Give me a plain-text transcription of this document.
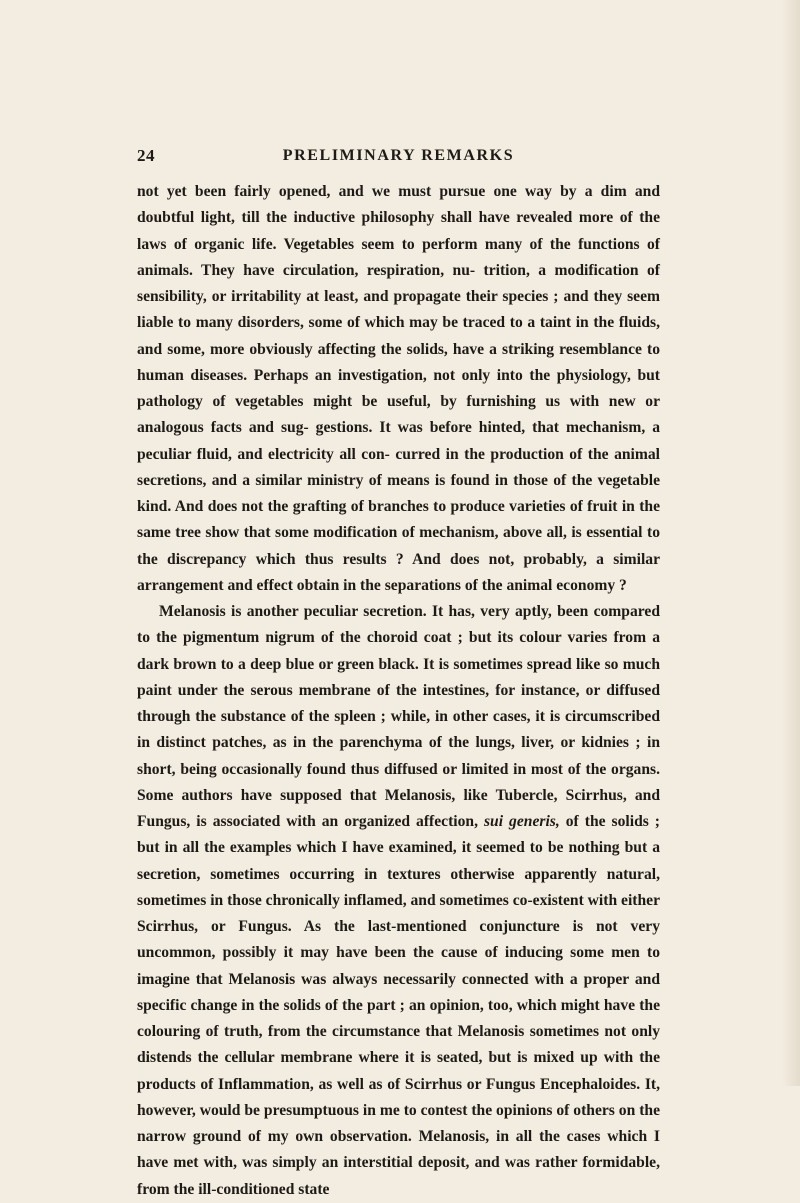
24	PRELIMINARY REMARKS

not yet been fairly opened, and we must pursue one way by a dim and doubtful light, till the inductive philosophy shall have revealed more of the laws of organic life. Vegetables seem to perform many of the functions of animals. They have circulation, respiration, nu- trition, a modification of sensibility, or irritability at least, and propagate their species ; and they seem liable to many disorders, some of which may be traced to a taint in the fluids, and some, more obviously affecting the solids, have a striking resemblance to human diseases. Perhaps an investigation, not only into the physiology, but pathology of vegetables might be useful, by furnishing us with new or analogous facts and sug- gestions. It was before hinted, that mechanism, a peculiar fluid, and electricity all con- curred in the production of the animal secretions, and a similar ministry of means is found in those of the vegetable kind. And does not the grafting of branches to produce varieties of fruit in the same tree show that some modification of mechanism, above all, is essential to the discrepancy which thus results ? And does not, probably, a similar arrangement and effect obtain in the separations of the animal economy ?

Melanosis is another peculiar secretion. It has, very aptly, been compared to the pigmentum nigrum of the choroid coat ; but its colour varies from a dark brown to a deep blue or green black. It is sometimes spread like so much paint under the serous membrane of the intestines, for instance, or diffused through the substance of the spleen ; while, in other cases, it is circumscribed in distinct patches, as in the parenchyma of the lungs, liver, or kidnies ; in short, being occasionally found thus diffused or limited in most of the organs. Some authors have supposed that Melanosis, like Tubercle, Scirrhus, and Fungus, is associated with an organized affection, sui generis, of the solids ; but in all the examples which I have examined, it seemed to be nothing but a secretion, sometimes occurring in textures otherwise apparently natural, sometimes in those chronically inflamed, and sometimes co-existent with either Scirrhus, or Fungus. As the last-mentioned conjuncture is not very uncommon, possibly it may have been the cause of inducing some men to imagine that Melanosis was always necessarily connected with a proper and specific change in the solids of the part ; an opinion, too, which might have the colouring of truth, from the circumstance that Melanosis sometimes not only distends the cellular membrane where it is seated, but is mixed up with the products of Inflammation, as well as of Scirrhus or Fungus Encephaloides. It, however, would be presumptuous in me to contest the opinions of others on the narrow ground of my own observation. Melanosis, in all the cases which I have met with, was simply an interstitial deposit, and was rather formidable, from the ill-conditioned state
